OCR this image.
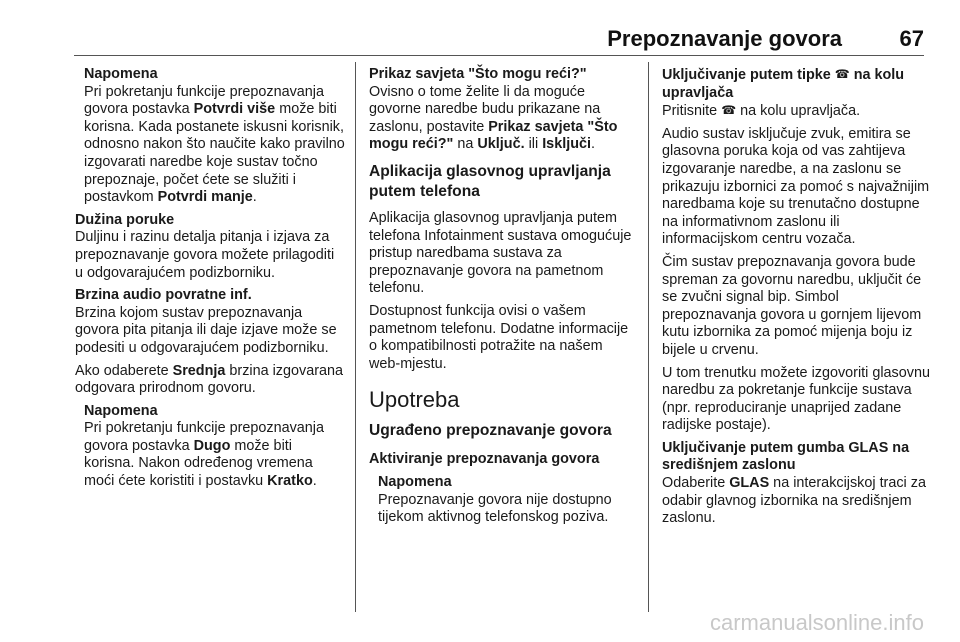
Prepoznavanje govora	67
Napomena
Pri pokretanju funkcije prepoznavanja govora postavka Potvrdi više može biti korisna. Kada postanete iskusni korisnik, odnosno nakon što naučite kako pravilno izgovarati naredbe koje sustav točno prepoznaje, počet ćete se služiti i postavkom Potvrdi manje.
Dužina poruke

Duljinu i razinu detalja pitanja i izjava za prepoznavanje govora možete prilagoditi u odgovarajućem podizborniku.

Brzina audio povratne inf.

Brzina kojom sustav prepoznavanja govora pita pitanja ili daje izjave može se podesiti u odgovarajućem podizborniku.

Ako odaberete Srednja brzina izgovarana odgovara prirodnom govoru.

Napomena
Pri pokretanju funkcije prepoznavanja govora postavka Dugo može biti korisna. Nakon određenog vremena moći ćete koristiti i postavku Kratko.
Prikaz savjeta "Što mogu reći?"

Ovisno o tome želite li da moguće govorne naredbe budu prikazane na zaslonu, postavite Prikaz savjeta "Što mogu reći?" na Uključ. ili Isključi.

Aplikacija glasovnog upravljanja putem telefona

Aplikacija glasovnog upravljanja putem telefona Infotainment sustava omogućuje pristup naredbama sustava za prepoznavanje govora na pametnom telefonu.

Dostupnost funkcija ovisi o vašem pametnom telefonu. Dodatne informacije o kompatibilnosti potražite na našem web-mjestu.

Upotreba
Ugrađeno prepoznavanje govora
Aktiviranje prepoznavanja govora
Napomena
Prepoznavanje govora nije dostupno tijekom aktivnog telefonskog poziva.
Uključivanje putem tipke ☎ na kolu upravljača

Pritisnite ☎ na kolu upravljača.

Audio sustav isključuje zvuk, emitira se glasovna poruka koja od vas zahtijeva izgovaranje naredbe, a na zaslonu se prikazuju izbornici za pomoć s najvažnijim naredbama koje su trenutačno dostupne na informativnom zaslonu ili informacijskom centru vozača.

Čim sustav prepoznavanja govora bude spreman za govornu naredbu, uključit će se zvučni signal bip. Simbol prepoznavanja govora u gornjem lijevom kutu izbornika za pomoć mijenja boju iz bijele u crvenu.

U tom trenutku možete izgovoriti glasovnu naredbu za pokretanje funkcije sustava (npr. reproduciranje unaprijed zadane radijske postaje).

Uključivanje putem gumba GLAS na središnjem zaslonu

Odaberite GLAS na interakcijskoj traci za odabir glavnog izbornika na središnjem zaslonu.

carmanualsonline.info
